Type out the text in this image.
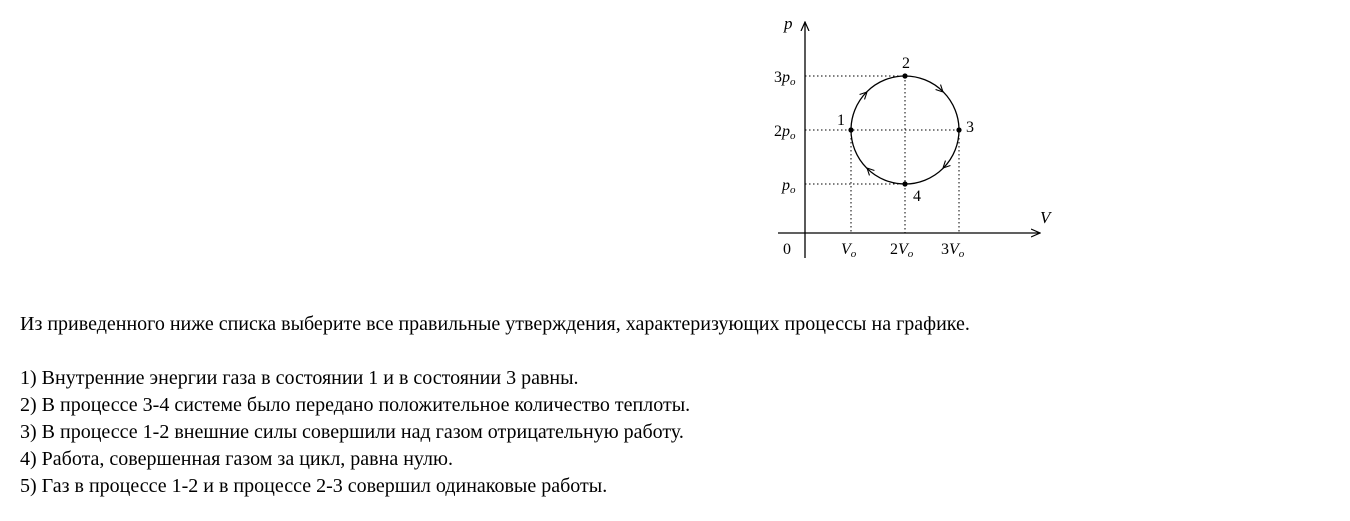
1
2
3
4
p
V
0
3po
2po
po
Vo 2Vo 3Vo

Из приведенного ниже списка выберите все правильные утверждения, характеризующих процессы на графике.

1) Внутренние энергии газа в состоянии 1 и в состоянии 3 равны.
2) В процессе 3-4 системе было передано положительное количество теплоты.
3) В процессе 1-2 внешние силы совершили над газом отрицательную работу.
4) Работа, совершенная газом за цикл, равна нулю.
5) Газ в процессе 1-2 и в процессе 2-3 совершил одинаковые работы.
